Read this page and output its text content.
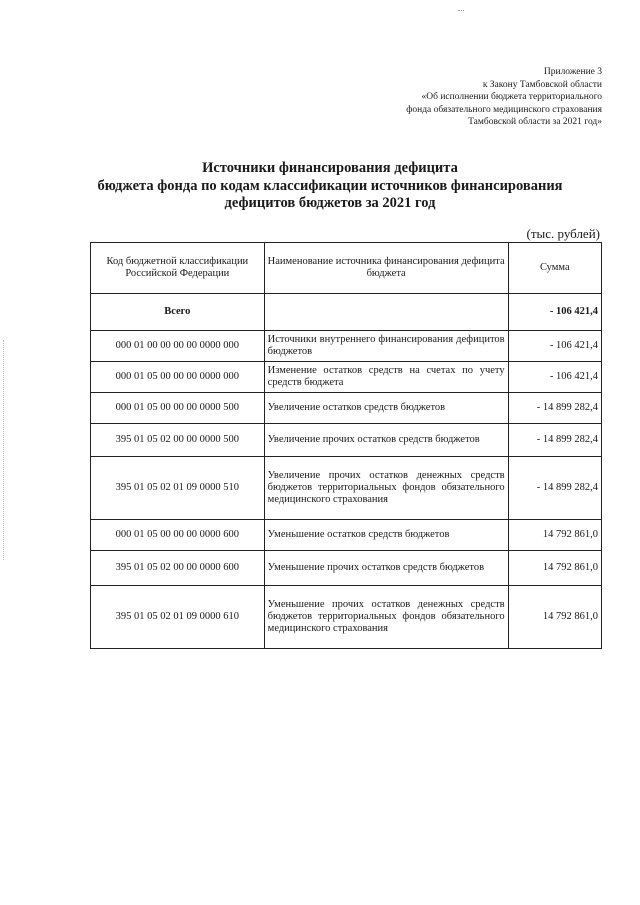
Приложение 3
к Закону Тамбовской области
«Об исполнении бюджета территориального
фонда обязательного медицинского страхования
Тамбовской области за 2021 год»
Источники финансирования дефицита
бюджета фонда по кодам классификации источников финансирования
дефицитов бюджетов за 2021 год
(тыс. рублей)
Код бюджетной классификации Российской Федерации	Наименование источника финансирования дефицита бюджета	Сумма
Всего		- 106 421,4
000 01 00 00 00 00 0000 000	Источники внутреннего финансирования дефицитов бюджетов	- 106 421,4
000 01 05 00 00 00 0000 000	Изменение остатков средств на счетах по учету средств бюджета	- 106 421,4
000 01 05 00 00 00 0000 500	Увеличение остатков средств бюджетов	- 14 899 282,4
395 01 05 02 00 00 0000 500	Увеличение прочих остатков средств бюджетов	- 14 899 282,4
395 01 05 02 01 09 0000 510	Увеличение прочих остатков денежных средств бюджетов территориальных фондов обязательного медицинского страхования	- 14 899 282,4
000 01 05 00 00 00 0000 600	Уменьшение остатков средств бюджетов	14 792 861,0
395 01 05 02 00 00 0000 600	Уменьшение прочих остатков средств бюджетов	14 792 861,0
395 01 05 02 01 09 0000 610	Уменьшение прочих остатков денежных средств бюджетов территориальных фондов обязательного медицинского страхования	14 792 861,0
